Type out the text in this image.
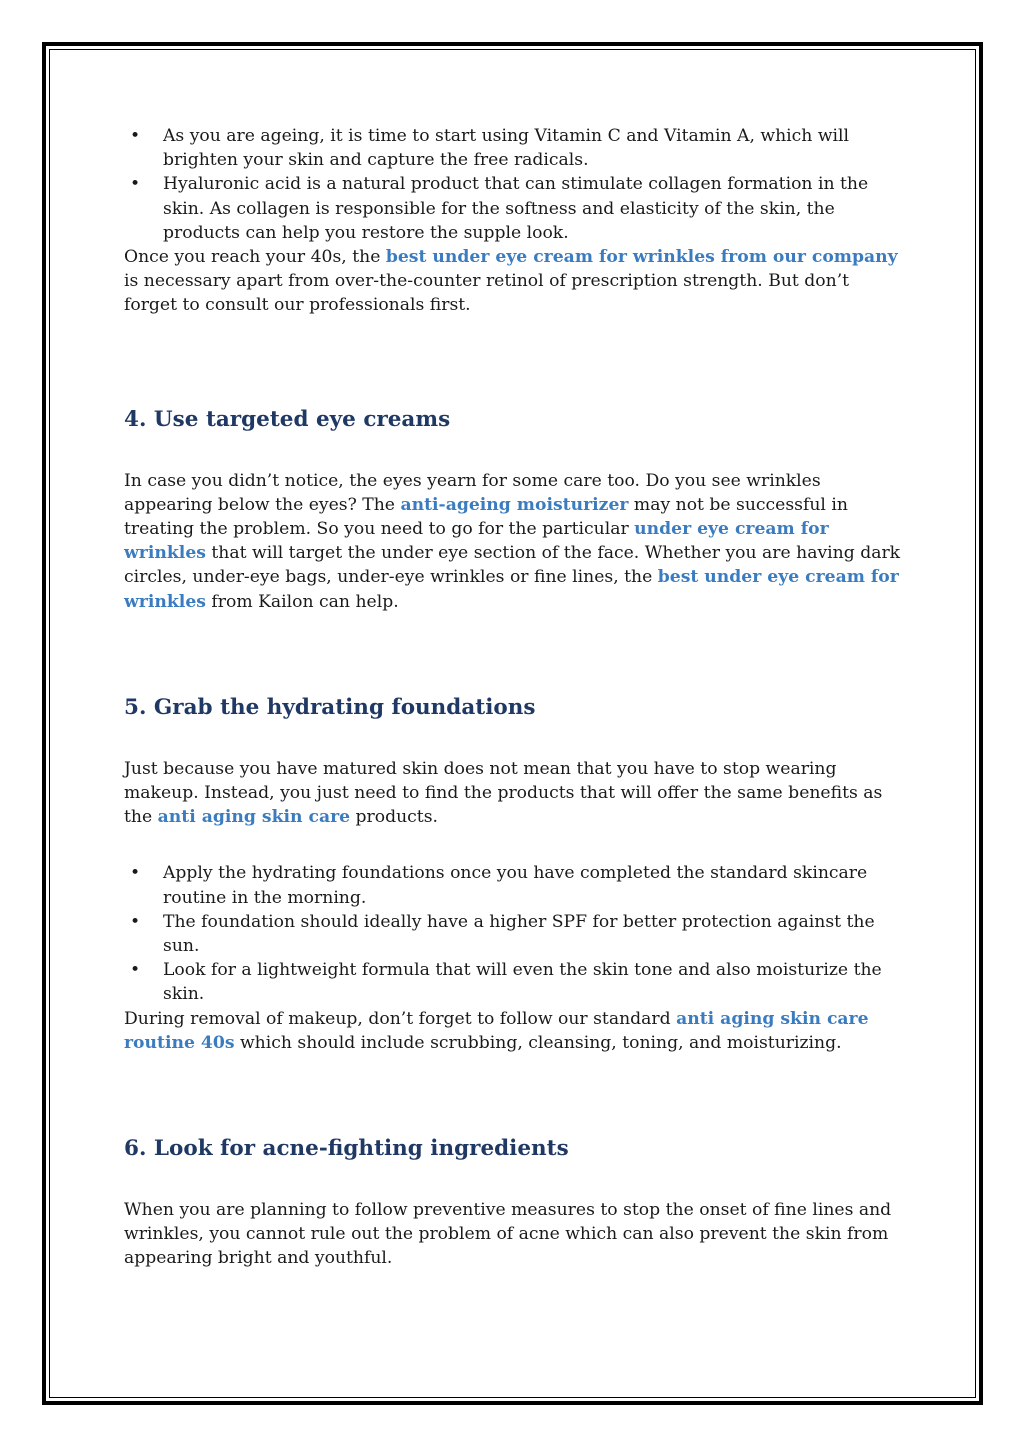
• As you are ageing, it is time to start using Vitamin C and Vitamin A, which will brighten your skin and capture the free radicals.
• Hyaluronic acid is a natural product that can stimulate collagen formation in the skin. As collagen is responsible for the softness and elasticity of the skin, the products can help you restore the supple look.

Once you reach your 40s, the best under eye cream for wrinkles from our company is necessary apart from over-the-counter retinol of prescription strength. But don’t forget to consult our professionals first.

4. Use targeted eye creams

In case you didn’t notice, the eyes yearn for some care too. Do you see wrinkles appearing below the eyes? The anti-ageing moisturizer may not be successful in treating the problem. So you need to go for the particular under eye cream for wrinkles that will target the under eye section of the face. Whether you are having dark circles, under-eye bags, under-eye wrinkles or fine lines, the best under eye cream for wrinkles from Kailon can help.

5. Grab the hydrating foundations

Just because you have matured skin does not mean that you have to stop wearing makeup. Instead, you just need to find the products that will offer the same benefits as the anti aging skin care products.

• Apply the hydrating foundations once you have completed the standard skincare routine in the morning.
• The foundation should ideally have a higher SPF for better protection against the sun.
• Look for a lightweight formula that will even the skin tone and also moisturize the skin.

During removal of makeup, don’t forget to follow our standard anti aging skin care routine 40s which should include scrubbing, cleansing, toning, and moisturizing.

6. Look for acne-fighting ingredients

When you are planning to follow preventive measures to stop the onset of fine lines and wrinkles, you cannot rule out the problem of acne which can also prevent the skin from appearing bright and youthful.
